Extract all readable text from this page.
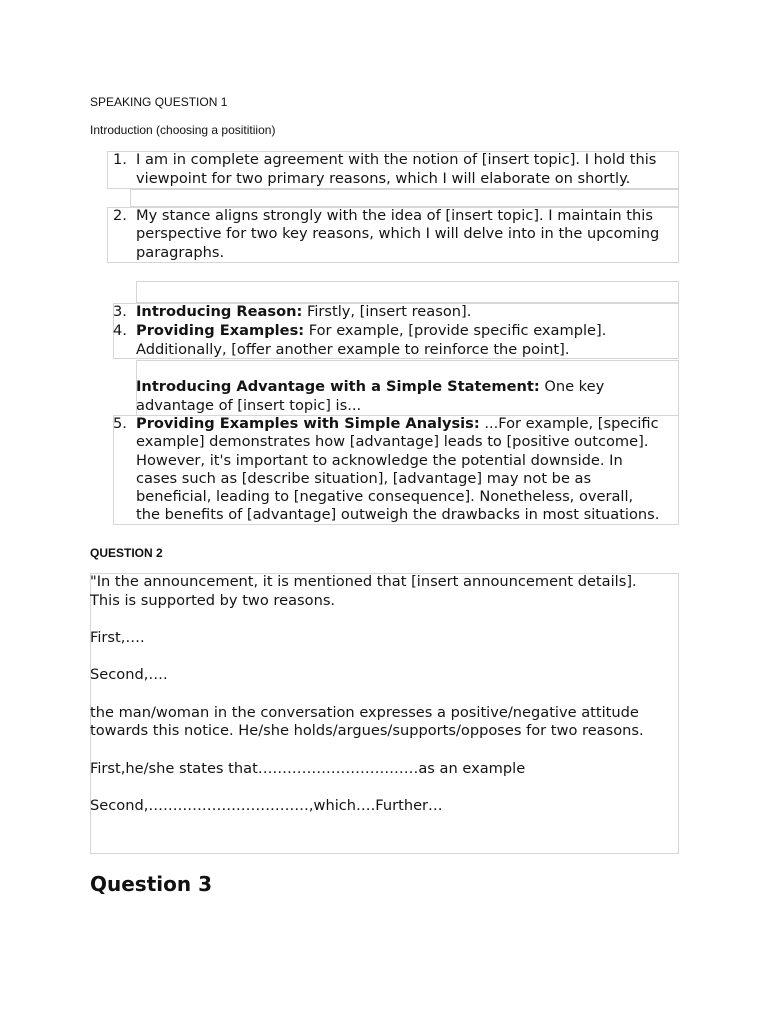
SPEAKING QUESTION 1
Introduction (choosing a posititiion)
1. I am in complete agreement with the notion of [insert topic]. I hold this
viewpoint for two primary reasons, which I will elaborate on shortly.
2. My stance aligns strongly with the idea of [insert topic]. I maintain this
perspective for two key reasons, which I will delve into in the upcoming
paragraphs.
3. Introducing Reason: Firstly, [insert reason].
4. Providing Examples: For example, [provide specific example].
Additionally, [offer another example to reinforce the point].
Introducing Advantage with a Simple Statement: One key
advantage of [insert topic] is...
5. Providing Examples with Simple Analysis: ...For example, [specific
example] demonstrates how [advantage] leads to [positive outcome].
However, it's important to acknowledge the potential downside. In
cases such as [describe situation], [advantage] may not be as
beneficial, leading to [negative consequence]. Nonetheless, overall,
the benefits of [advantage] outweigh the drawbacks in most situations.
QUESTION 2
"In the announcement, it is mentioned that [insert announcement details].
This is supported by two reasons.
First,….
Second,….
the man/woman in the conversation expresses a positive/negative attitude
towards this notice. He/she holds/argues/supports/opposes for two reasons.
First,he/she states that……………………………as an example
Second,……………………………,which….Further…
Question 3
